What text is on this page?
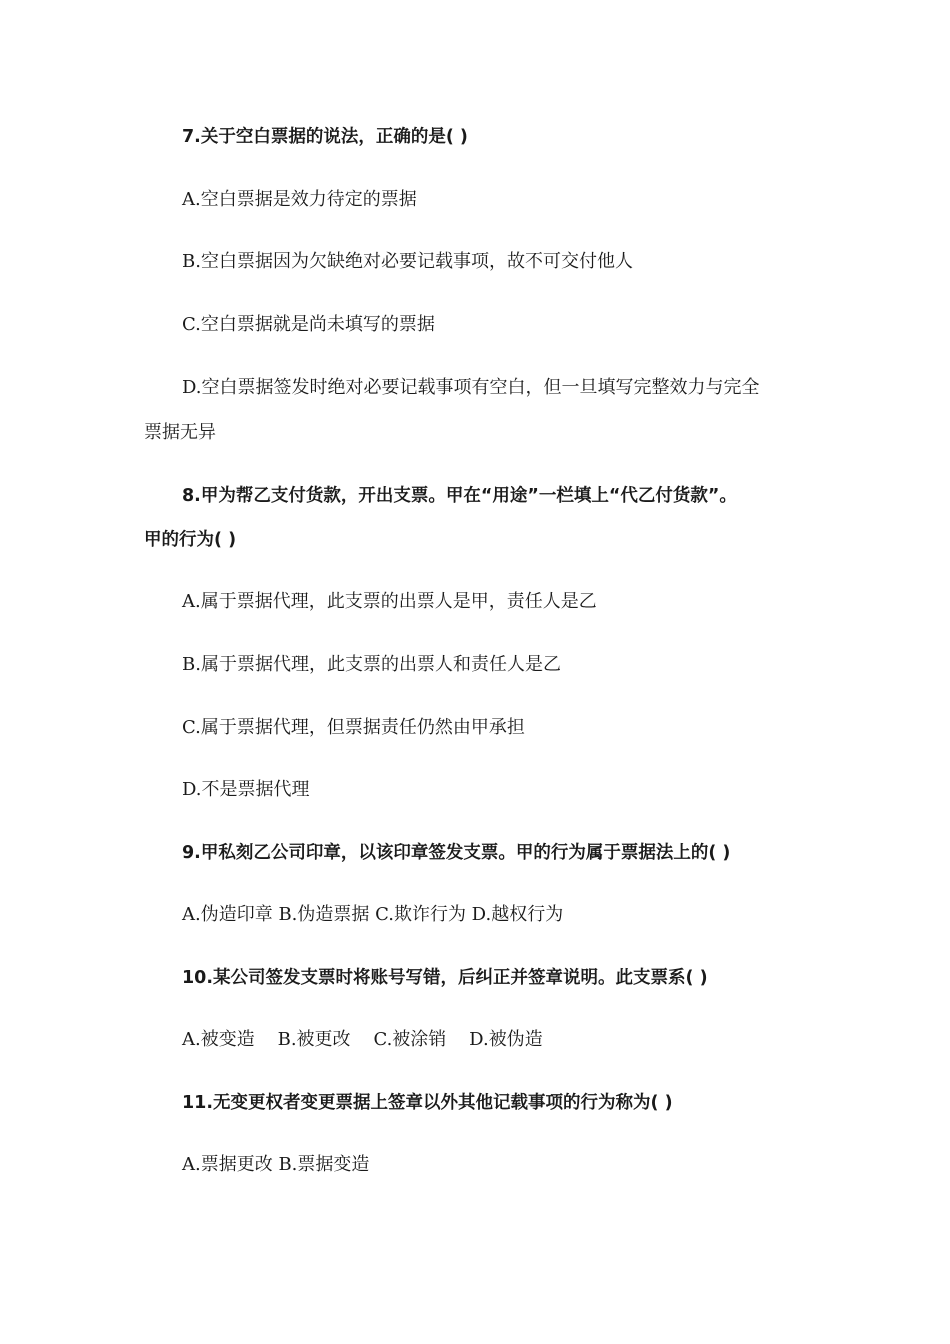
7.关于空白票据的说法，正确的是( )
A.空白票据是效力待定的票据
B.空白票据因为欠缺绝对必要记载事项，故不可交付他人
C.空白票据就是尚未填写的票据
D.空白票据签发时绝对必要记载事项有空白，但一旦填写完整效力与完全
票据无异
8.甲为帮乙支付货款，开出支票。甲在“用途”一栏填上“代乙付货款”。
甲的行为( )
A.属于票据代理，此支票的出票人是甲，责任人是乙
B.属于票据代理，此支票的出票人和责任人是乙
C.属于票据代理，但票据责任仍然由甲承担
D.不是票据代理
9.甲私刻乙公司印章，以该印章签发支票。甲的行为属于票据法上的( )
A.伪造印章 B.伪造票据 C.欺诈行为 D.越权行为
10.某公司签发支票时将账号写错，后纠正并签章说明。此支票系( )
A.被变造    B.被更改    C.被涂销    D.被伪造
11.无变更权者变更票据上签章以外其他记载事项的行为称为( )
A.票据更改 B.票据变造
